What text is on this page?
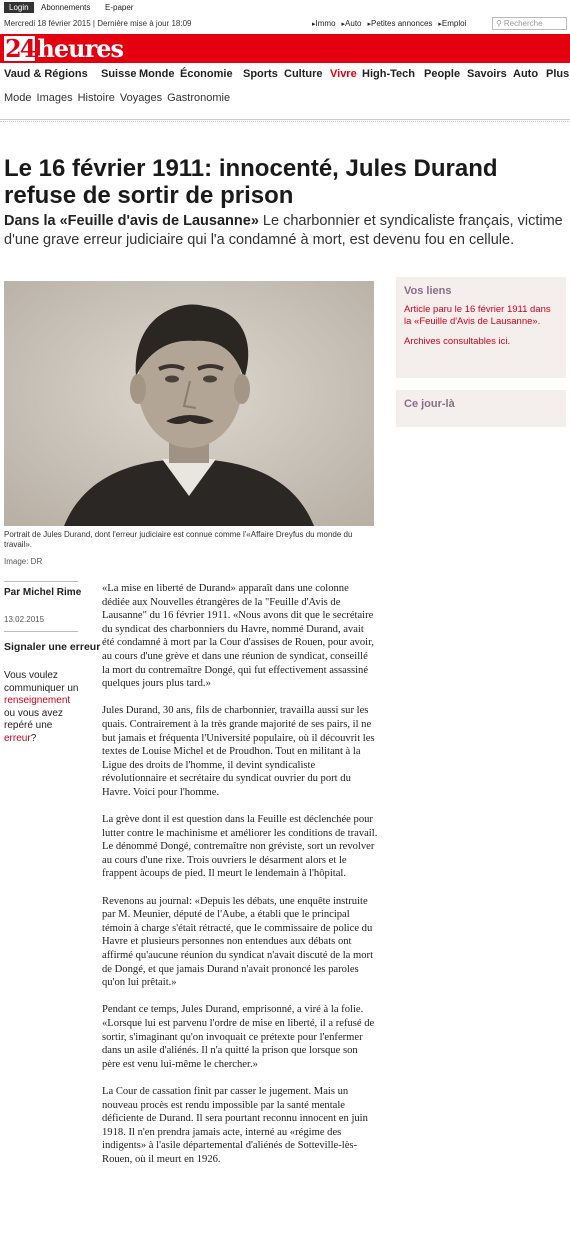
Login	Abonnements E-paper
Mercredi 18 février 2015 | Dernière mise à jour 18:09	▸ Immo	▸ Auto	▸ Petites annonces	▸ Emploi	⚲ Recherche
24 heures
Vaud & Régions Suisse Monde Économie Sports Culture Vivre High-Tech People Savoirs Auto Plus
Mode Images Histoire Voyages Gastronomie
Le 16 février 1911: innocenté, Jules Durand refuse de sortir de prison
Dans la «Feuille d'avis de Lausanne» Le charbonnier et syndicaliste français, victime d'une grave erreur judiciaire qui l'a condamné à mort, est devenu fou en cellule.
Portrait de Jules Durand, dont l'erreur judiciaire est connue comme l'«Affaire Dreyfus du monde du travail».
Image: DR
Vos liens
Article paru le 16 février 1911 dans la «Feuille d'Avis de Lausanne».
Archives consultables ici.
Ce jour-là
Par Michel Rime
13.02.2015
Signaler une erreur
Vous voulez communiquer un renseignement ou vous avez repéré une erreur?

«La mise en liberté de Durand» apparaît dans une colonne dédiée aux Nouvelles étrangères de la "Feuille d'Avis de Lausanne" du 16 février 1911. «Nous avons dit que le secrétaire du syndicat des charbonniers du Havre, nommé Durand, avait été condamné à mort par la Cour d'assises de Rouen, pour avoir, au cours d'une grève et dans une réunion de syndicat, conseillé la mort du contremaître Dongé, qui fut effectivement assassiné quelques jours plus tard.»

Jules Durand, 30 ans, fils de charbonnier, travailla aussi sur les quais. Contrairement à la très grande majorité de ses pairs, il ne but jamais et fréquenta l'Université populaire, où il découvrit les textes de Louise Michel et de Proudhon. Tout en militant à la Ligue des droits de l'homme, il devint syndicaliste révolutionnaire et secrétaire du syndicat ouvrier du port du Havre. Voici pour l'homme.

La grève dont il est question dans la Feuille est déclenchée pour lutter contre le machinisme et améliorer les conditions de travail. Le dénommé Dongé, contremaître non gréviste, sort un revolver au cours d'une rixe. Trois ouvriers le désarment alors et le frappent àcoups de pied. Il meurt le lendemain à l'hôpital.

Revenons au journal: «Depuis les débats, une enquête instruite par M. Meunier, député de l'Aube, a établi que le principal témoin à charge s'était rétracté, que le commissaire de police du Havre et plusieurs personnes non entendues aux débats ont affirmé qu'aucune réunion du syndicat n'avait discuté de la mort de Dongé, et que jamais Durand n'avait prononcé les paroles qu'on lui prêtait.»

Pendant ce temps, Jules Durand, emprisonné, a viré à la folie. «Lorsque lui est parvenu l'ordre de mise en liberté, il a refusé de sortir, s'imaginant qu'on invoquait ce prétexte pour l'enfermer dans un asile d'aliénés. Il n'a quitté la prison que lorsque son père est venu lui-même le chercher.»

La Cour de cassation finit par casser le jugement. Mais un nouveau procès est rendu impossible par la santé mentale déficiente de Durand. Il sera pourtant reconnu innocent en juin 1918. Il n'en prendra jamais acte, interné au «régime des indigents» à l'asile départemental d'aliénés de Sotteville-lès-Rouen, où il meurt en 1926.
